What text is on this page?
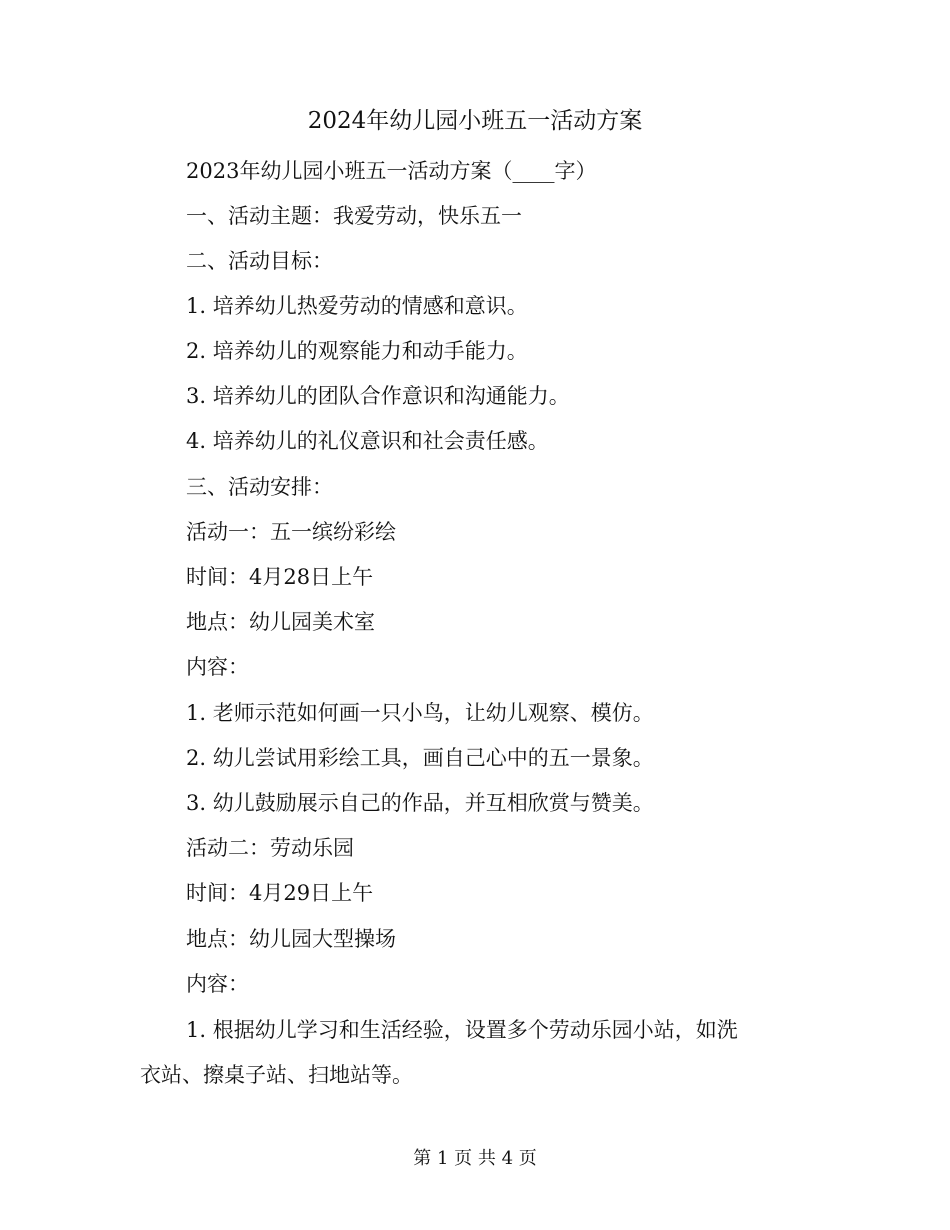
2024年幼儿园小班五一活动方案
2023年幼儿园小班五一活动方案（____字）
一、活动主题：我爱劳动，快乐五一
二、活动目标：
1. 培养幼儿热爱劳动的情感和意识。
2. 培养幼儿的观察能力和动手能力。
3. 培养幼儿的团队合作意识和沟通能力。
4. 培养幼儿的礼仪意识和社会责任感。
三、活动安排：
活动一：五一缤纷彩绘
时间：4月28日上午
地点：幼儿园美术室
内容：
1. 老师示范如何画一只小鸟，让幼儿观察、模仿。
2. 幼儿尝试用彩绘工具，画自己心中的五一景象。
3. 幼儿鼓励展示自己的作品，并互相欣赏与赞美。
活动二：劳动乐园
时间：4月29日上午
地点：幼儿园大型操场
内容：
1. 根据幼儿学习和生活经验，设置多个劳动乐园小站，如洗
衣站、擦桌子站、扫地站等。
第 1 页 共 4 页
